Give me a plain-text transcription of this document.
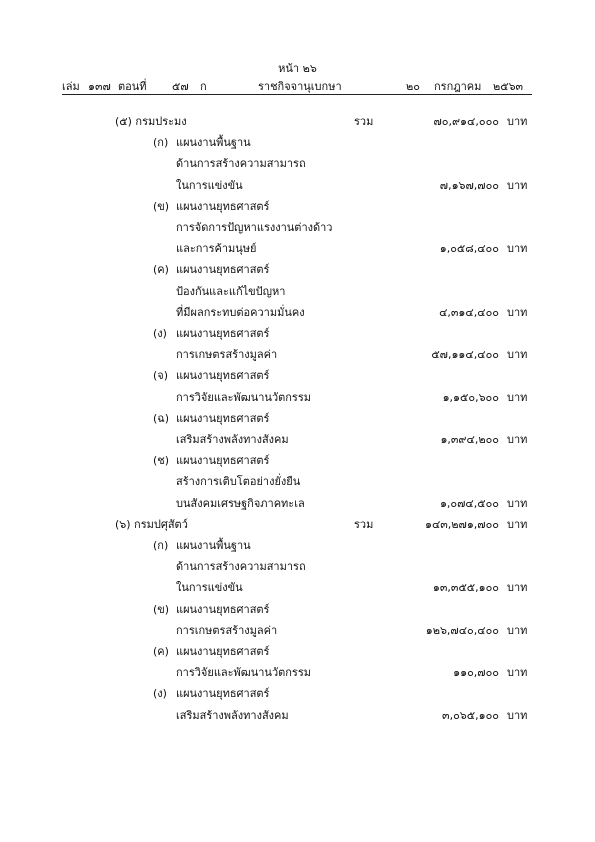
หน้า ๒๖
เล่ม ๑๓๗ ตอนที่ ๕๗ ก	ราชกิจจานุเบกษา	๒๐ กรกฎาคม ๒๕๖๓
(๕) กรมประมง	รวม	๗๐,๙๑๔,๐๐๐ บาท
(ก) แผนงานพื้นฐาน
ด้านการสร้างความสามารถ
ในการแข่งขัน	๗,๑๖๗,๗๐๐ บาท
(ข) แผนงานยุทธศาสตร์
การจัดการปัญหาแรงงานต่างด้าว
และการค้ามนุษย์	๑,๐๕๘,๔๐๐ บาท
(ค) แผนงานยุทธศาสตร์
ป้องกันและแก้ไขปัญหา
ที่มีผลกระทบต่อความมั่นคง	๔,๓๑๔,๔๐๐ บาท
(ง) แผนงานยุทธศาสตร์
การเกษตรสร้างมูลค่า	๕๗,๑๑๔,๔๐๐ บาท
(จ) แผนงานยุทธศาสตร์
การวิจัยและพัฒนานวัตกรรม	๑,๑๕๐,๖๐๐ บาท
(ฉ) แผนงานยุทธศาสตร์
เสริมสร้างพลังทางสังคม	๑,๓๙๔,๒๐๐ บาท
(ช) แผนงานยุทธศาสตร์
สร้างการเติบโตอย่างยั่งยืน
บนสังคมเศรษฐกิจภาคทะเล	๑,๐๗๔,๕๐๐ บาท
(๖) กรมปศุสัตว์	รวม	๑๔๓,๒๗๑,๗๐๐ บาท
(ก) แผนงานพื้นฐาน
ด้านการสร้างความสามารถ
ในการแข่งขัน	๑๓,๓๕๕,๑๐๐ บาท
(ข) แผนงานยุทธศาสตร์
การเกษตรสร้างมูลค่า	๑๒๖,๗๔๐,๔๐๐ บาท
(ค) แผนงานยุทธศาสตร์
การวิจัยและพัฒนานวัตกรรม	๑๑๐,๗๐๐ บาท
(ง) แผนงานยุทธศาสตร์
เสริมสร้างพลังทางสังคม	๓,๐๖๕,๑๐๐ บาท
